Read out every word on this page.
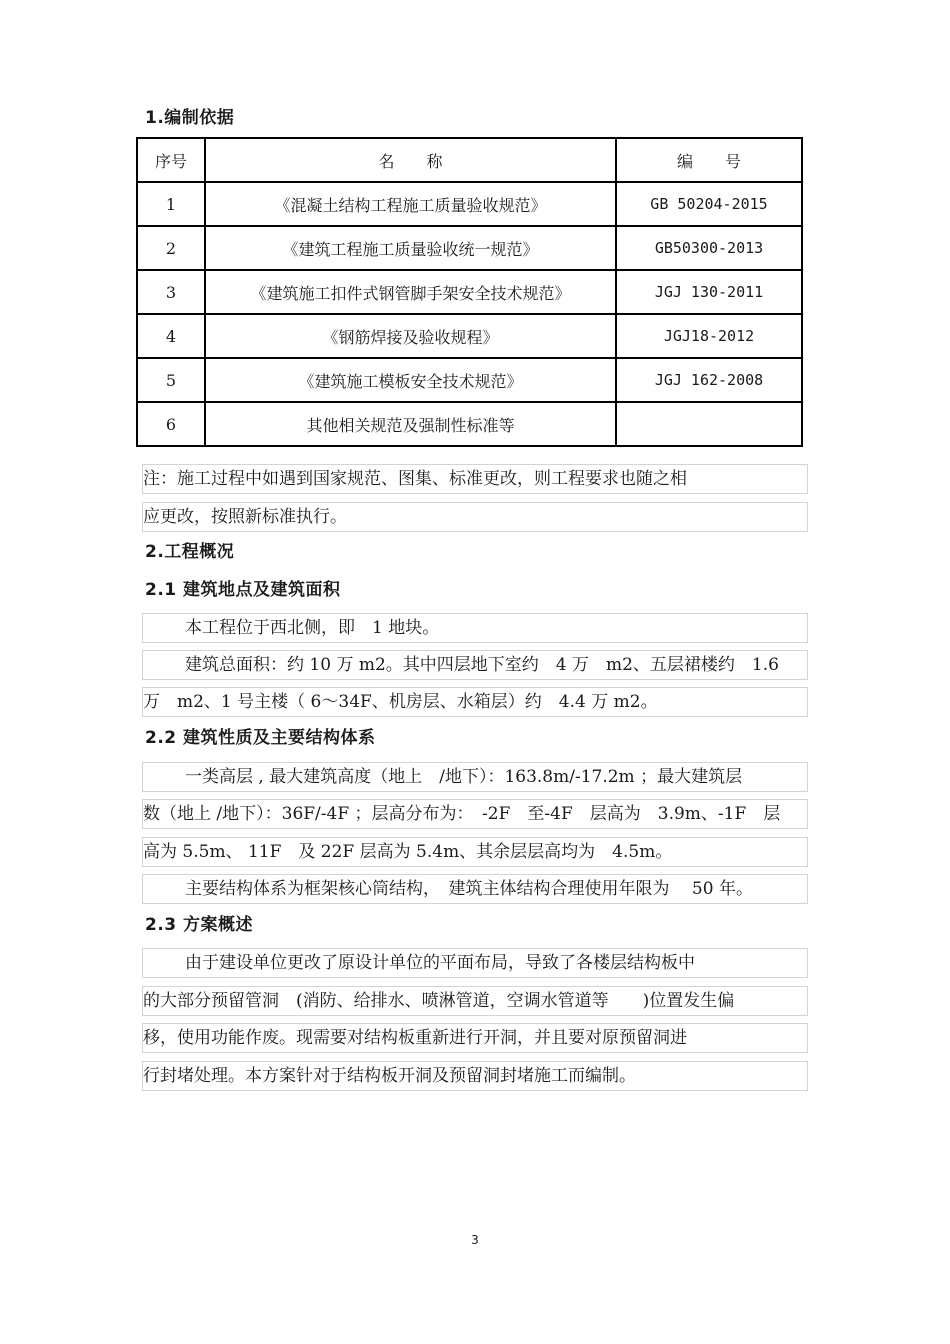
1.编制依据
序号	名　　称	编　　号
1	《混凝土结构工程施工质量验收规范》	GB 50204-2015
2	《建筑工程施工质量验收统一规范》	GB50300-2013
3	《建筑施工扣件式钢管脚手架安全技术规范》	JGJ 130-2011
4	《钢筋焊接及验收规程》	JGJ18-2012
5	《建筑施工模板安全技术规范》	JGJ 162-2008
6	其他相关规范及强制性标准等	
注：施工过程中如遇到国家规范、图集、标准更改，则工程要求也随之相
应更改，按照新标准执行。
2.工程概况
2.1 建筑地点及建筑面积
本工程位于西北侧，即　1 地块。
建筑总面积：约 10 万 m2。其中四层地下室约　4 万　m2、五层裙楼约　1.6
万　m2、1 号主楼（ 6～34F、机房层、水箱层）约　4.4 万 m2。
2.2 建筑性质及主要结构体系
一类高层 , 最大建筑高度（地上　/地下）：163.8m/-17.2m ；最大建筑层
数（地上 /地下）：36F/-4F ；层高分布为：　-2F　至-4F　层高为　3.9m、-1F　层
高为 5.5m、 11F　及 22F 层高为 5.4m、其余层层高均为　4.5m。
主要结构体系为框架核心筒结构，　建筑主体结构合理使用年限为　 50 年。
2.3 方案概述
由于建设单位更改了原设计单位的平面布局，导致了各楼层结构板中
的大部分预留管洞　(消防、给排水、喷淋管道，空调水管道等　　)位置发生偏
移，使用功能作废。现需要对结构板重新进行开洞，并且要对原预留洞进
行封堵处理。本方案针对于结构板开洞及预留洞封堵施工而编制。
3
